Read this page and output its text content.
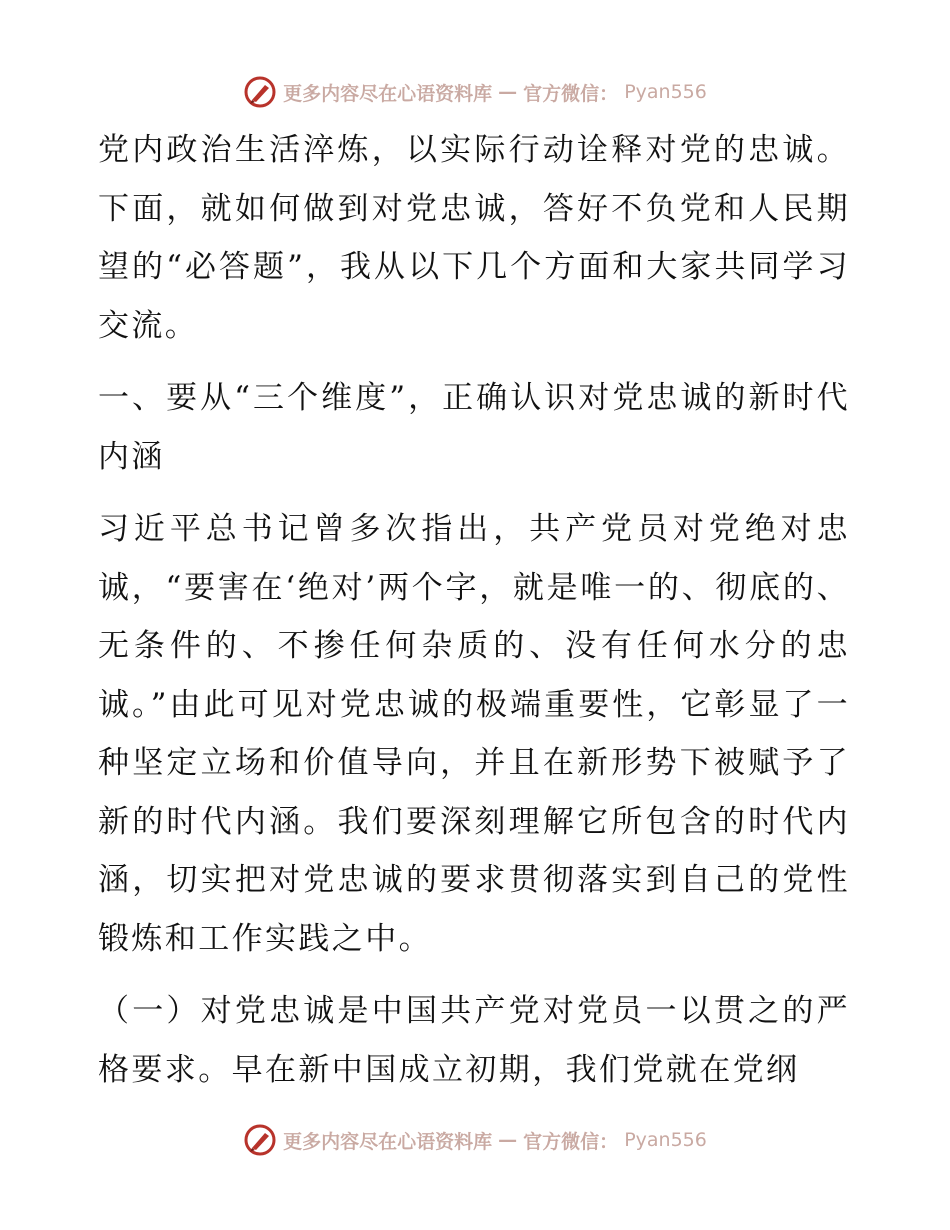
更多内容尽在心语资料库 — 官方微信： Pyan556

党内政治生活淬炼，以实际行动诠释对党的忠诚。下面，就如何做到对党忠诚，答好不负党和人民期望的“必答题”，我从以下几个方面和大家共同学习交流。

一、要从“三个维度”，正确认识对党忠诚的新时代内涵

习近平总书记曾多次指出，共产党员对党绝对忠诚，“要害在‘绝对’两个字，就是唯一的、彻底的、无条件的、不掺任何杂质的、没有任何水分的忠诚。”由此可见对党忠诚的极端重要性，它彰显了一种坚定立场和价值导向，并且在新形势下被赋予了新的时代内涵。我们要深刻理解它所包含的时代内涵，切实把对党忠诚的要求贯彻落实到自己的党性锻炼和工作实践之中。

（一）对党忠诚是中国共产党对党员一以贯之的严格要求。早在新中国成立初期，我们党就在党纲

更多内容尽在心语资料库 — 官方微信： Pyan556
